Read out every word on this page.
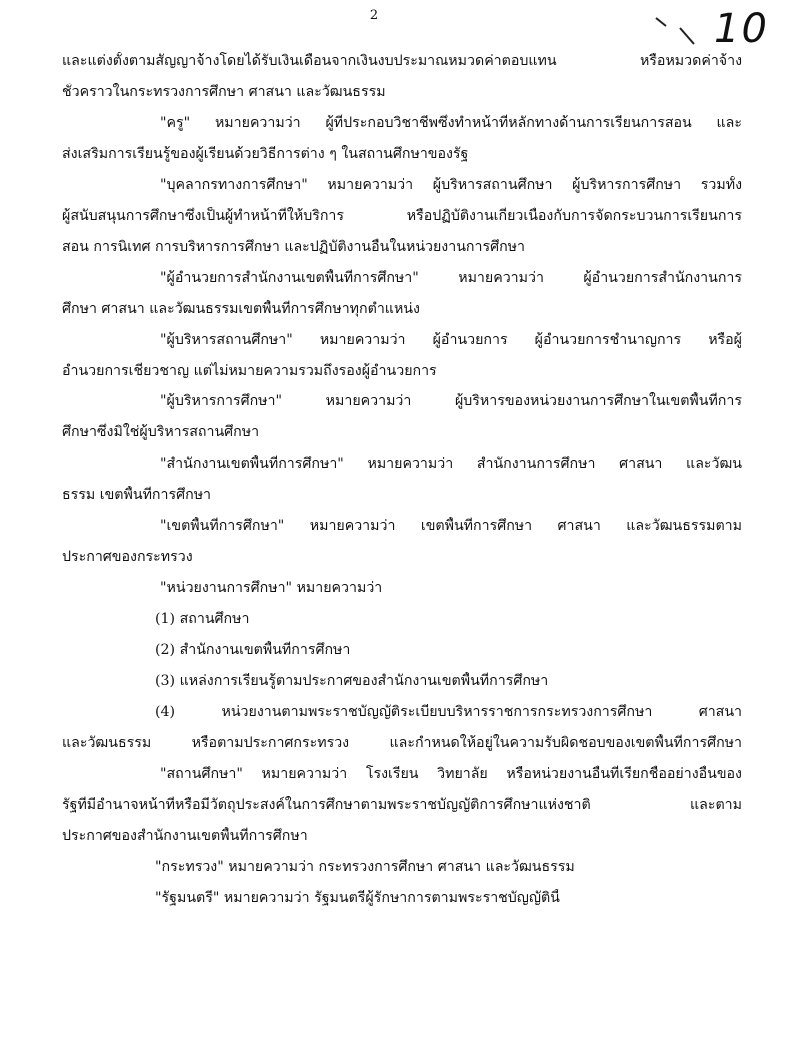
2	10
และแต่งตั้งตามสัญญาจ้างโดยได้รับเงินเดือนจากเงินงบประมาณหมวดค่าตอบแทน หรือหมวดค่าจ้าง
ชั่วคราวในกระทรวงการศึกษา ศาสนา และวัฒนธรรม
"ครู" หมายความว่า ผู้ที่ประกอบวิชาชีพซึ่งทำหน้าที่หลักทางด้านการเรียนการสอน และ
ส่งเสริมการเรียนรู้ของผู้เรียนด้วยวิธีการต่าง ๆ ในสถานศึกษาของรัฐ
"บุคลากรทางการศึกษา" หมายความว่า ผู้บริหารสถานศึกษา ผู้บริหารการศึกษา รวมทั้ง
ผู้สนับสนุนการศึกษาซึ่งเป็นผู้ทำหน้าที่ให้บริการ หรือปฏิบัติงานเกี่ยวเนื่องกับการจัดกระบวนการเรียนการ
สอน การนิเทศ การบริหารการศึกษา และปฏิบัติงานอื่นในหน่วยงานการศึกษา
"ผู้อำนวยการสำนักงานเขตพื้นที่การศึกษา" หมายความว่า ผู้อำนวยการสำนักงานการ
ศึกษา ศาสนา และวัฒนธรรมเขตพื้นที่การศึกษาทุกตำแหน่ง
"ผู้บริหารสถานศึกษา" หมายความว่า ผู้อำนวยการ ผู้อำนวยการชำนาญการ หรือผู้
อำนวยการเชี่ยวชาญ แต่ไม่หมายความรวมถึงรองผู้อำนวยการ
"ผู้บริหารการศึกษา" หมายความว่า ผู้บริหารของหน่วยงานการศึกษาในเขตพื้นที่การ
ศึกษาซึ่งมิใช่ผู้บริหารสถานศึกษา
"สำนักงานเขตพื้นที่การศึกษา" หมายความว่า สำนักงานการศึกษา ศาสนา และวัฒน
ธรรม เขตพื้นที่การศึกษา
"เขตพื้นที่การศึกษา" หมายความว่า เขตพื้นที่การศึกษา ศาสนา และวัฒนธรรมตาม
ประกาศของกระทรวง
"หน่วยงานการศึกษา" หมายความว่า
(1) สถานศึกษา
(2) สำนักงานเขตพื้นที่การศึกษา
(3) แหล่งการเรียนรู้ตามประกาศของสำนักงานเขตพื้นที่การศึกษา
(4) หน่วยงานตามพระราชบัญญัติระเบียบบริหารราชการกระทรวงการศึกษา ศาสนา
และวัฒนธรรม หรือตามประกาศกระทรวง และกำหนดให้อยู่ในความรับผิดชอบของเขตพื้นที่การศึกษา
"สถานศึกษา" หมายความว่า โรงเรียน วิทยาลัย หรือหน่วยงานอื่นที่เรียกชื่ออย่างอื่นของ
รัฐที่มีอำนาจหน้าที่หรือมีวัตถุประสงค์ในการศึกษาตามพระราชบัญญัติการศึกษาแห่งชาติ และตาม
ประกาศของสำนักงานเขตพื้นที่การศึกษา
"กระทรวง" หมายความว่า กระทรวงการศึกษา ศาสนา และวัฒนธรรม
"รัฐมนตรี" หมายความว่า รัฐมนตรีผู้รักษาการตามพระราชบัญญัตินี้
